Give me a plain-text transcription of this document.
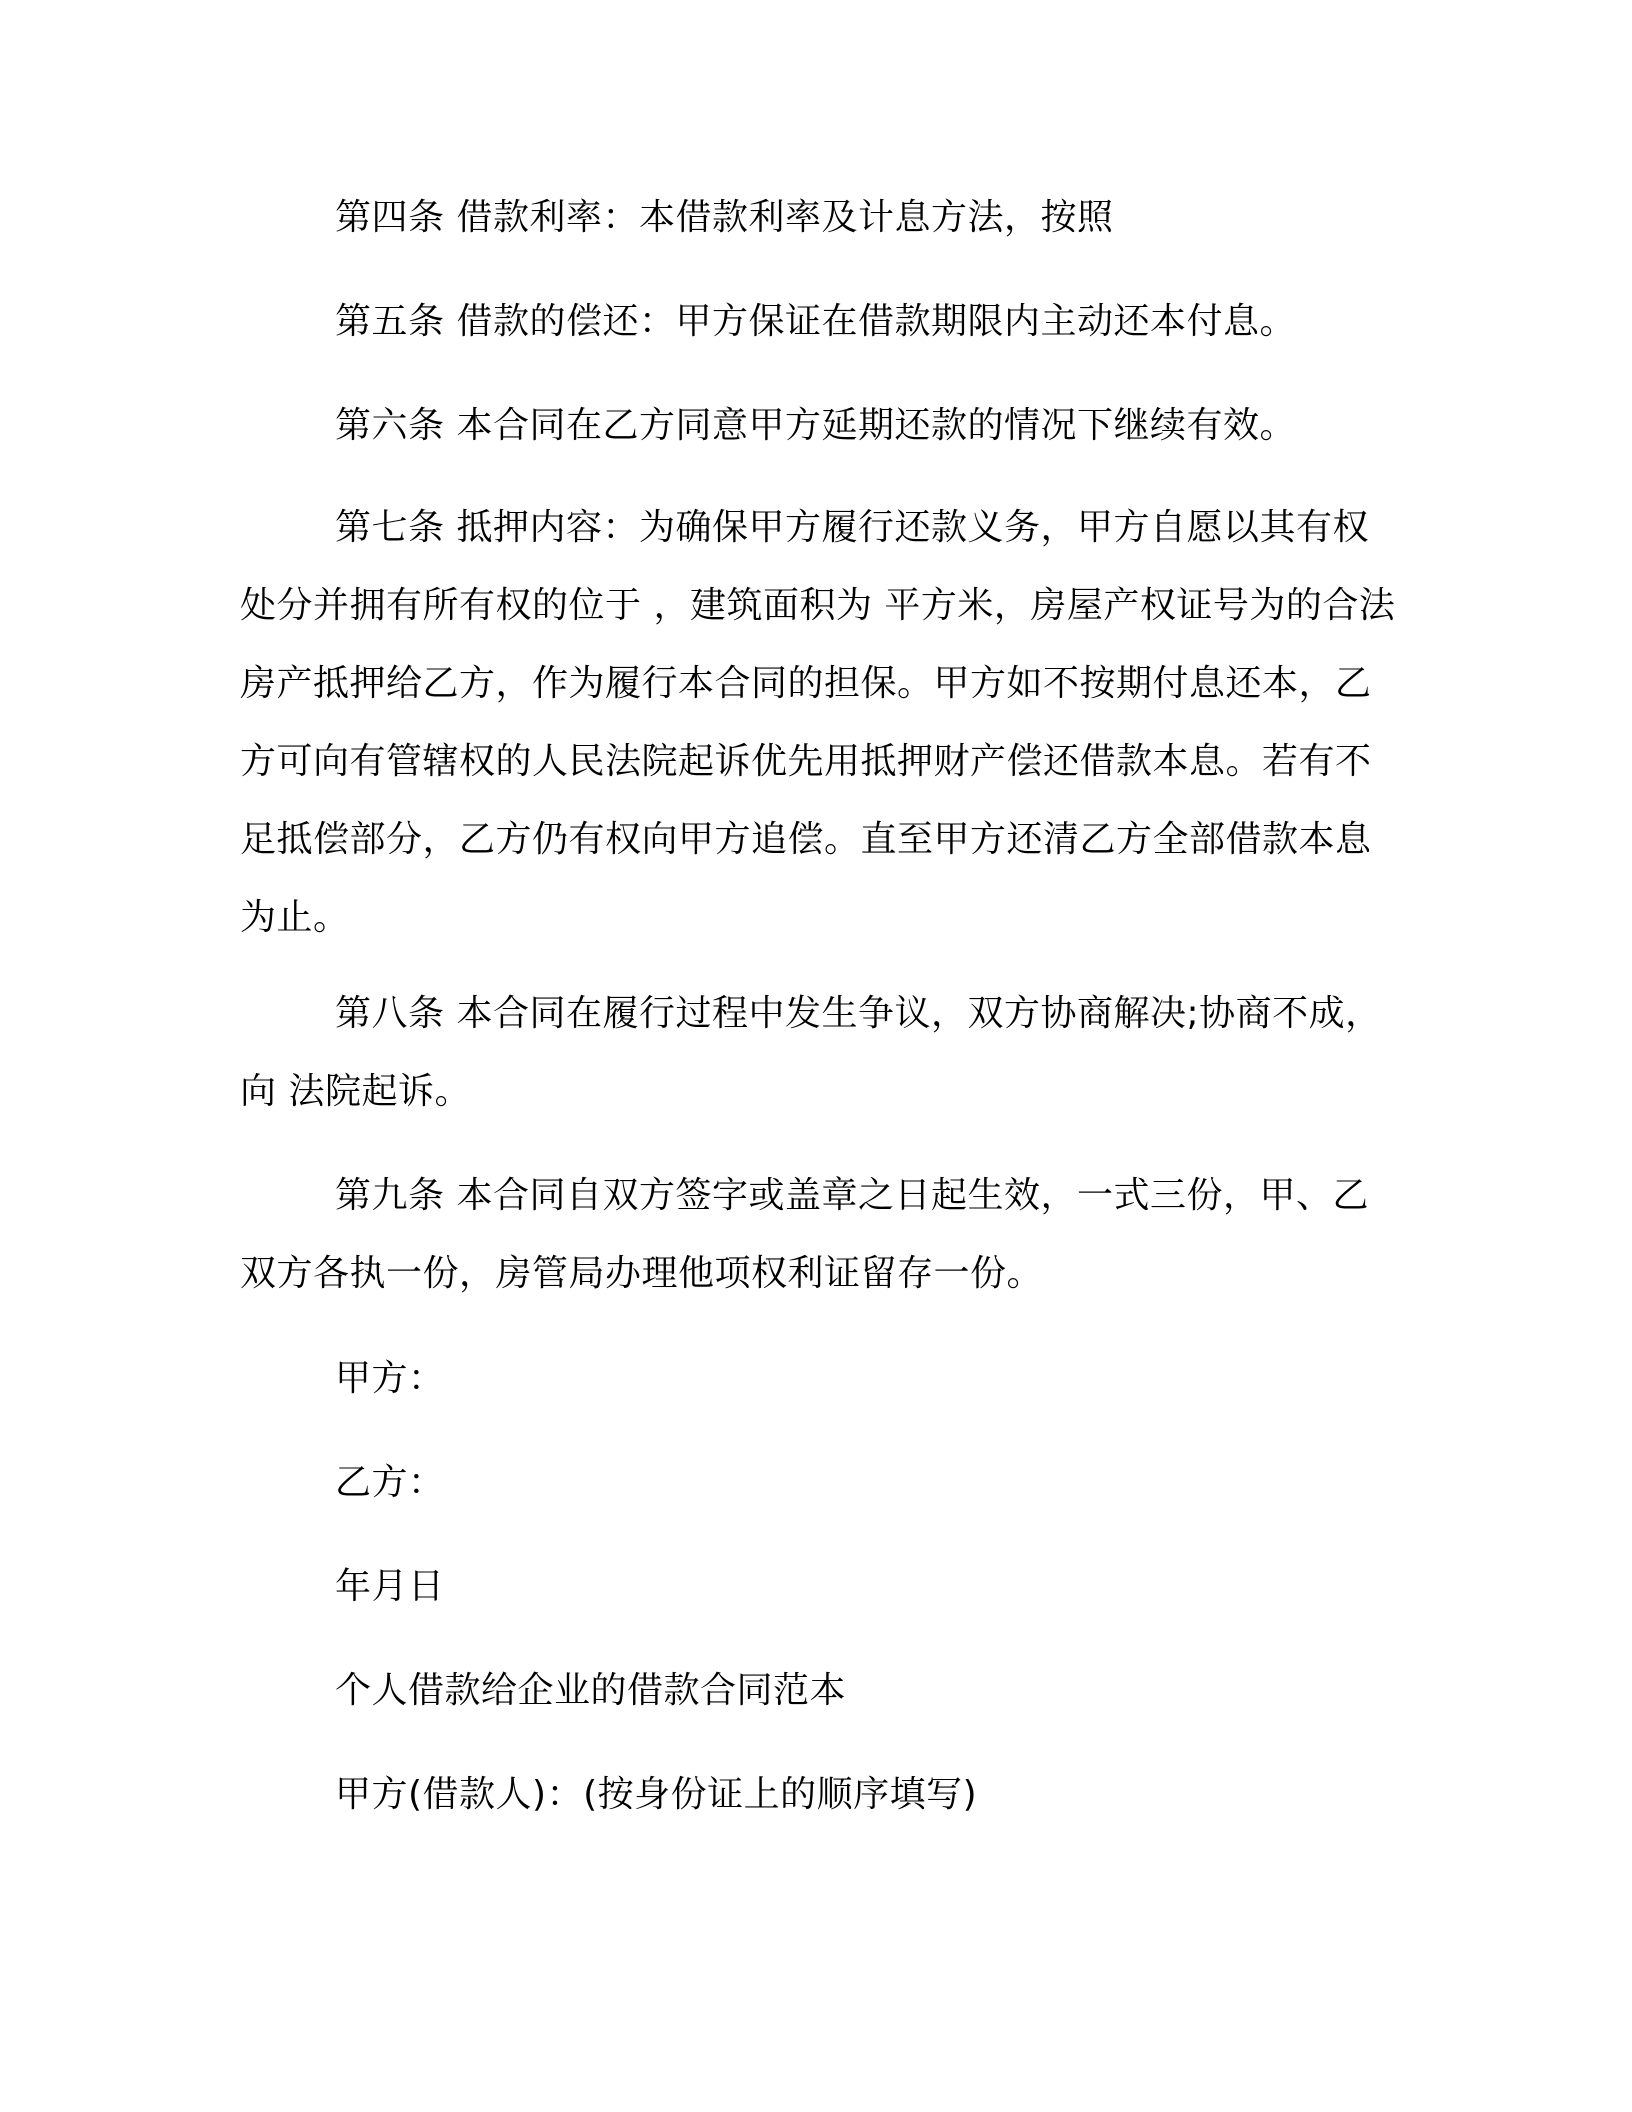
第四条 借款利率：本借款利率及计息方法，按照
第五条 借款的偿还：甲方保证在借款期限内主动还本付息。
第六条 本合同在乙方同意甲方延期还款的情况下继续有效。
第七条 抵押内容：为确保甲方履行还款义务，甲方自愿以其有权处分并拥有所有权的位于 ，建筑面积为 平方米，房屋产权证号为的合法房产抵押给乙方，作为履行本合同的担保。甲方如不按期付息还本，乙方可向有管辖权的人民法院起诉优先用抵押财产偿还借款本息。若有不足抵偿部分，乙方仍有权向甲方追偿。直至甲方还清乙方全部借款本息为止。
第八条 本合同在履行过程中发生争议，双方协商解决;协商不成，向 法院起诉。
第九条 本合同自双方签字或盖章之日起生效，一式三份，甲、乙双方各执一份，房管局办理他项权利证留存一份。
甲方：
乙方：
年月日
个人借款给企业的借款合同范本
甲方(借款人)：(按身份证上的顺序填写)
